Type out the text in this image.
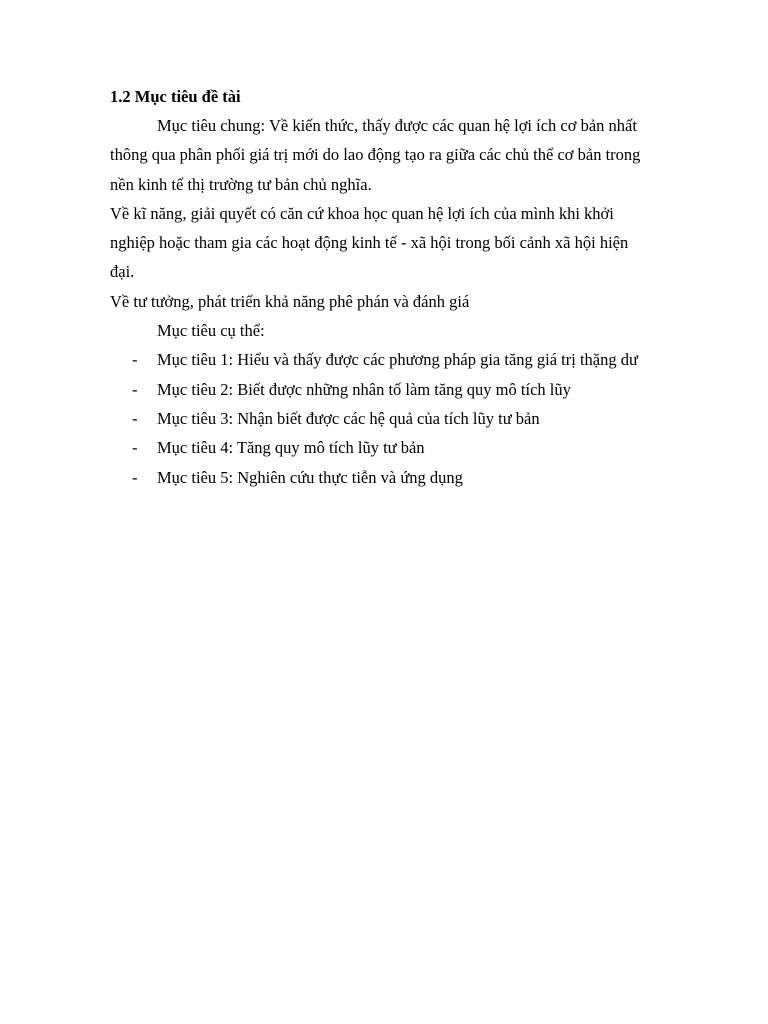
1.2 Mục tiêu đề tài

Mục tiêu chung: Về kiến thức, thấy được các quan hệ lợi ích cơ bản nhất
thông qua phân phối giá trị mới do lao động tạo ra giữa các chủ thể cơ bản trong
nền kinh tế thị trường tư bản chủ nghĩa.

Về kĩ năng, giải quyết có căn cứ khoa học quan hệ lợi ích của mình khi khởi
nghiệp hoặc tham gia các hoạt động kinh tế - xã hội trong bối cảnh xã hội hiện
đại.

Về tư tưởng, phát triển khả năng phê phán và đánh giá

Mục tiêu cụ thể:

- Mục tiêu 1: Hiểu và thấy được các phương pháp gia tăng giá trị thặng dư
- Mục tiêu 2: Biết được những nhân tố làm tăng quy mô tích lũy
- Mục tiêu 3: Nhận biết được các hệ quả của tích lũy tư bản
- Mục tiêu 4: Tăng quy mô tích lũy tư bản
- Mục tiêu 5: Nghiên cứu thực tiễn và ứng dụng
